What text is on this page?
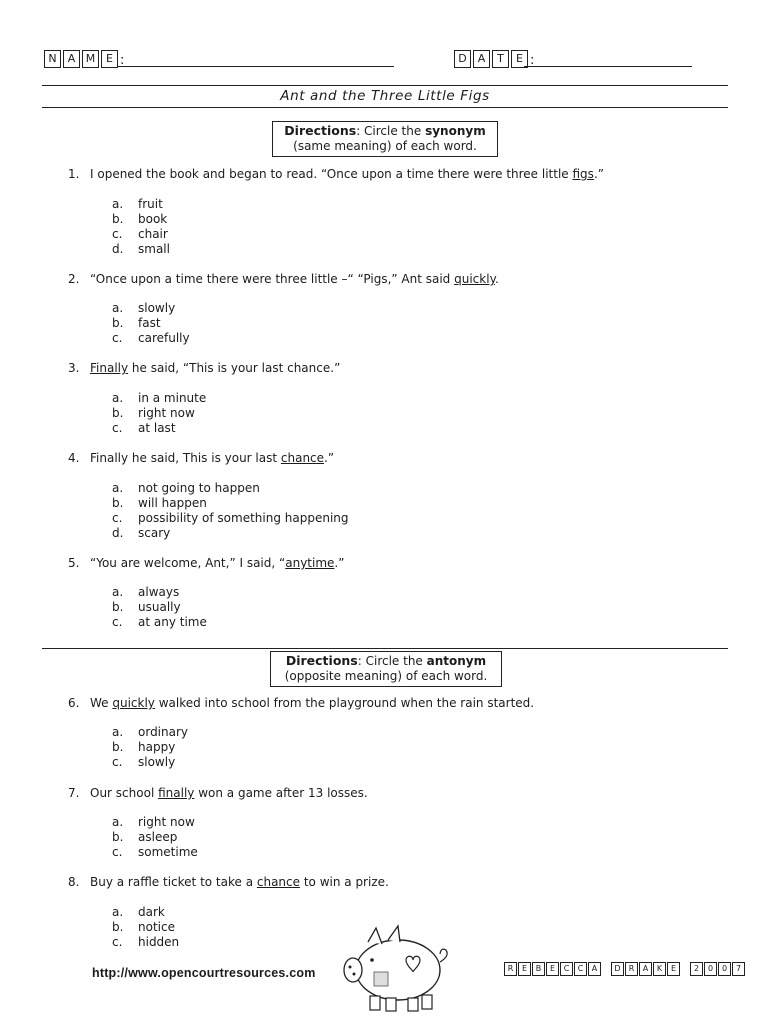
N	A M E :	D	A	T	E :
Ant and the Three Little Figs
Directions: Circle the synonym
(same meaning) of each word.
1. I opened the book and began to read. “Once upon a time there were three little figs.”
a. fruit
b. book
c. chair
d. small
2. “Once upon a time there were three little –“ “Pigs,” Ant said quickly.
a. slowly
b. fast
c. carefully
3. Finally he said, “This is your last chance.”
a. in a minute
b. right now
c. at last
4. Finally he said, This is your last chance.”
a. not going to happen
b. will happen
c. possibility of something happening
d. scary
5. “You are welcome, Ant,” I said, “anytime.”
a. always
b. usually
c. at any time
Directions: Circle the antonym
(opposite meaning) of each word.
6. We quickly walked into school from the playground when the rain started.
a. ordinary
b. happy
c. slowly
7. Our school finally won a game after 13 losses.
a. right now
b. asleep
c. sometime
8. Buy a raffle ticket to take a chance to win a prize.
a. dark
b. notice
c. hidden
http://www.opencourtresources.com	R	E	B	E	C	C	A	D	R	A	K	E	2	0	0	7
